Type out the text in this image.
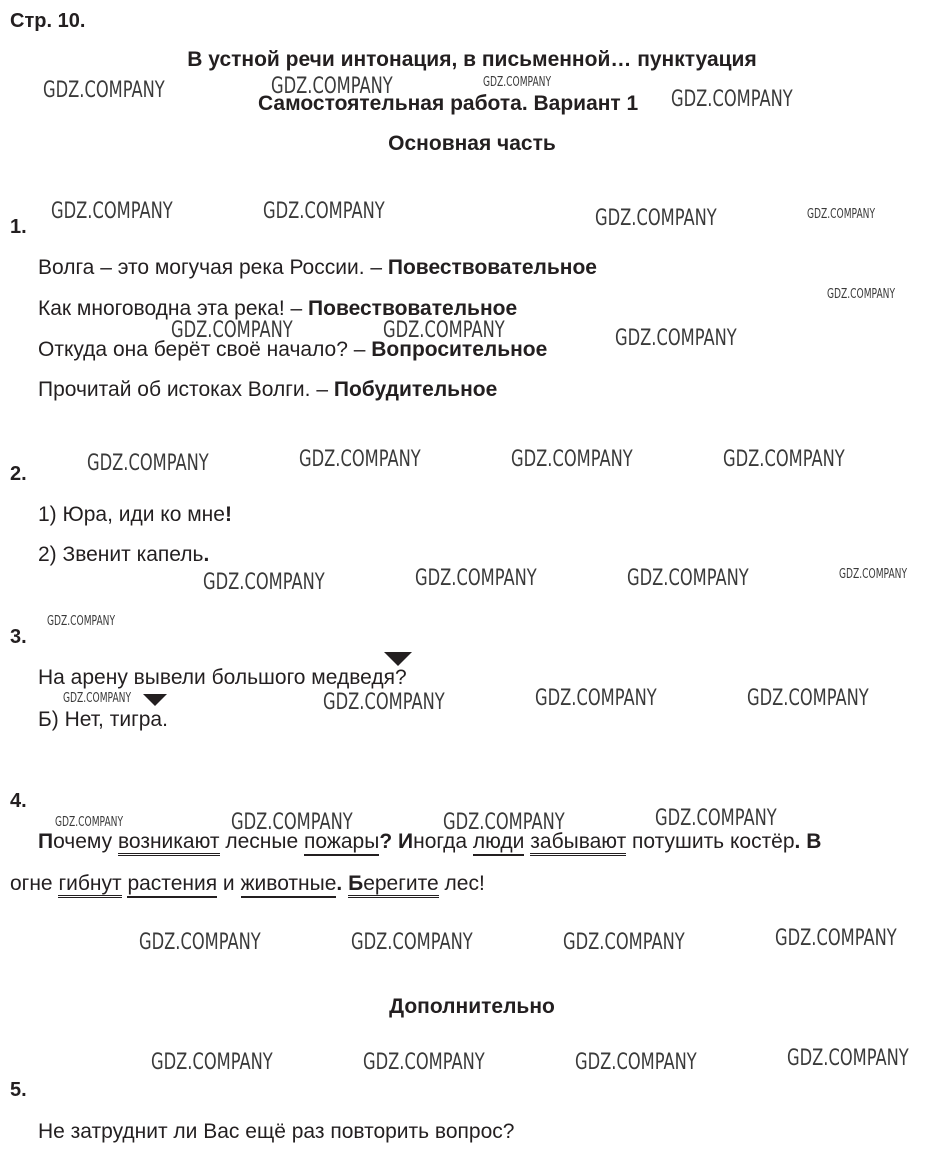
Стр. 10.
В устной речи интонация, в письменной… пунктуация
Самостоятельная работа. Вариант 1
Основная часть
1.
Волга – это могучая река России. – Повествовательное
Как многоводна эта река! – Повествовательное
Откуда она берёт своё начало? – Вопросительное
Прочитай об истоках Волги. – Побудительное
2.
1) Юра, иди ко мне!
2) Звенит капель.
3.
На арену вывели большого медведя?
Б) Нет, тигра.
4.
Почему возникают лесные пожары? Иногда люди забывают потушить костёр. В
огне гибнут растения и животные. Берегите лес!
Дополнительно
5.
Не затруднит ли Вас ещё раз повторить вопрос?
GDZ.COMPANY	GDZ.COMPANY	GDZ.COMPANY
GDZ.COMPANY
GDZ.COMPANY	GDZ.COMPANY	GDZ.COMPANY	GDZ.COMPANY
GDZ.COMPANY
GDZ.COMPANY	GDZ.COMPANY	GDZ.COMPANY
GDZ.COMPANY	GDZ.COMPANY	GDZ.COMPANY	GDZ.COMPANY
GDZ.COMPANY	GDZ.COMPANY	GDZ.COMPANY	GDZ.COMPANY
GDZ.COMPANY
GDZ.COMPANY	GDZ.COMPANY	GDZ.COMPANY	GDZ.COMPANY
GDZ.COMPANY	GDZ.COMPANY	GDZ.COMPANY	GDZ.COMPANY
GDZ.COMPANY	GDZ.COMPANY	GDZ.COMPANY	GDZ.COMPANY
GDZ.COMPANY	GDZ.COMPANY	GDZ.COMPANY	GDZ.COMPANY
